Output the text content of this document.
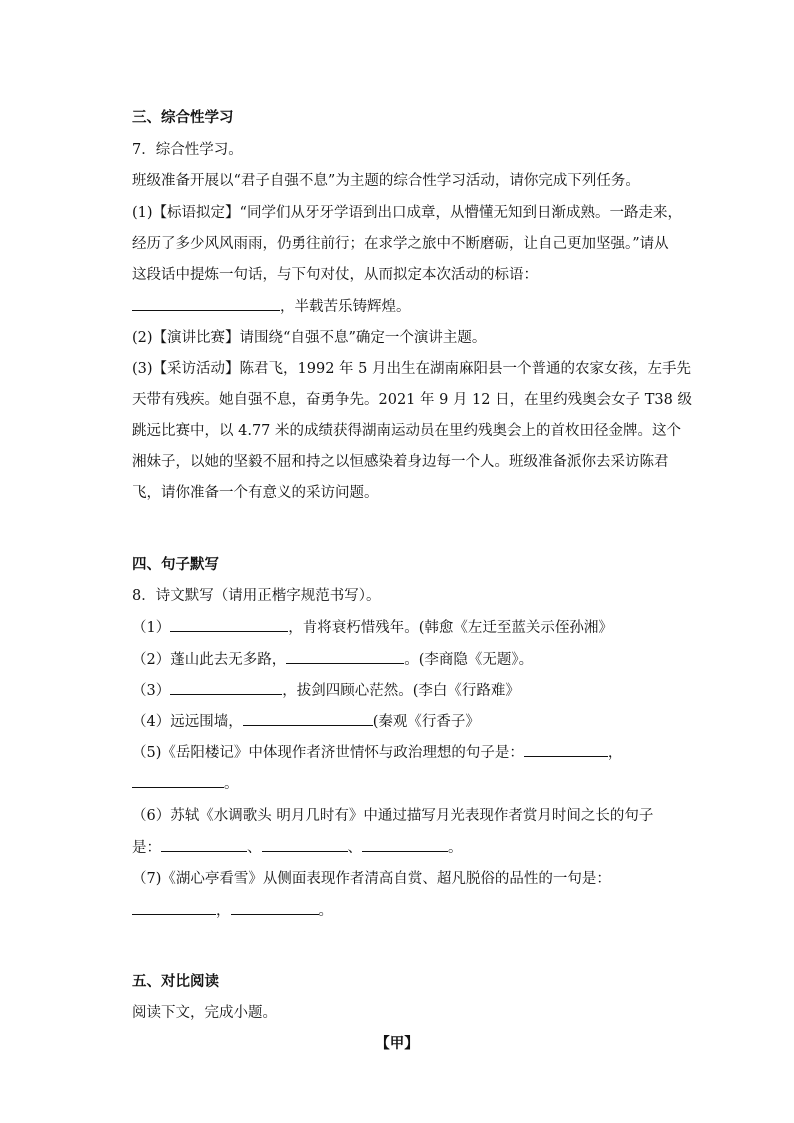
三、综合性学习
7．综合性学习。
班级准备开展以“君子自强不息”为主题的综合性学习活动，请你完成下列任务。
(1)【标语拟定】“同学们从牙牙学语到出口成章，从懵懂无知到日渐成熟。一路走来，
经历了多少风风雨雨，仍勇往前行；在求学之旅中不断磨砺，让自己更加坚强。”请从
这段话中提炼一句话，与下句对仗，从而拟定本次活动的标语：
，半载苦乐铸辉煌。
(2)【演讲比赛】请围绕“自强不息”确定一个演讲主题。
(3)【采访活动】陈君飞，1992 年 5 月出生在湖南麻阳县一个普通的农家女孩，左手先
天带有残疾。她自强不息，奋勇争先。2021 年 9 月 12 日，在里约残奥会女子 T38 级
跳远比赛中，以 4.77 米的成绩获得湖南运动员在里约残奥会上的首枚田径金牌。这个
湘妹子，以她的坚毅不屈和持之以恒感染着身边每一个人。班级准备派你去采访陈君
飞，请你准备一个有意义的采访问题。
四、句子默写
8．诗文默写（请用正楷字规范书写）。
（1）	，肯将衰朽惜残年。(韩愈《左迁至蓝关示侄孙湘》
（2）蓬山此去无多路，	。(李商隐《无题》。
（3）	，拔剑四顾心茫然。(李白《行路难》
（4）远远围墙，	(秦观《行香子》
（5)《岳阳楼记》中体现作者济世情怀与政治理想的句子是：	，
。
（6）苏轼《水调歌头 明月几时有》中通过描写月光表现作者赏月时间之长的句子
是：	、	、	。
（7)《湖心亭看雪》从侧面表现作者清高自赏、超凡脱俗的品性的一句是：
，	。
五、对比阅读
阅读下文，完成小题。
【甲】
